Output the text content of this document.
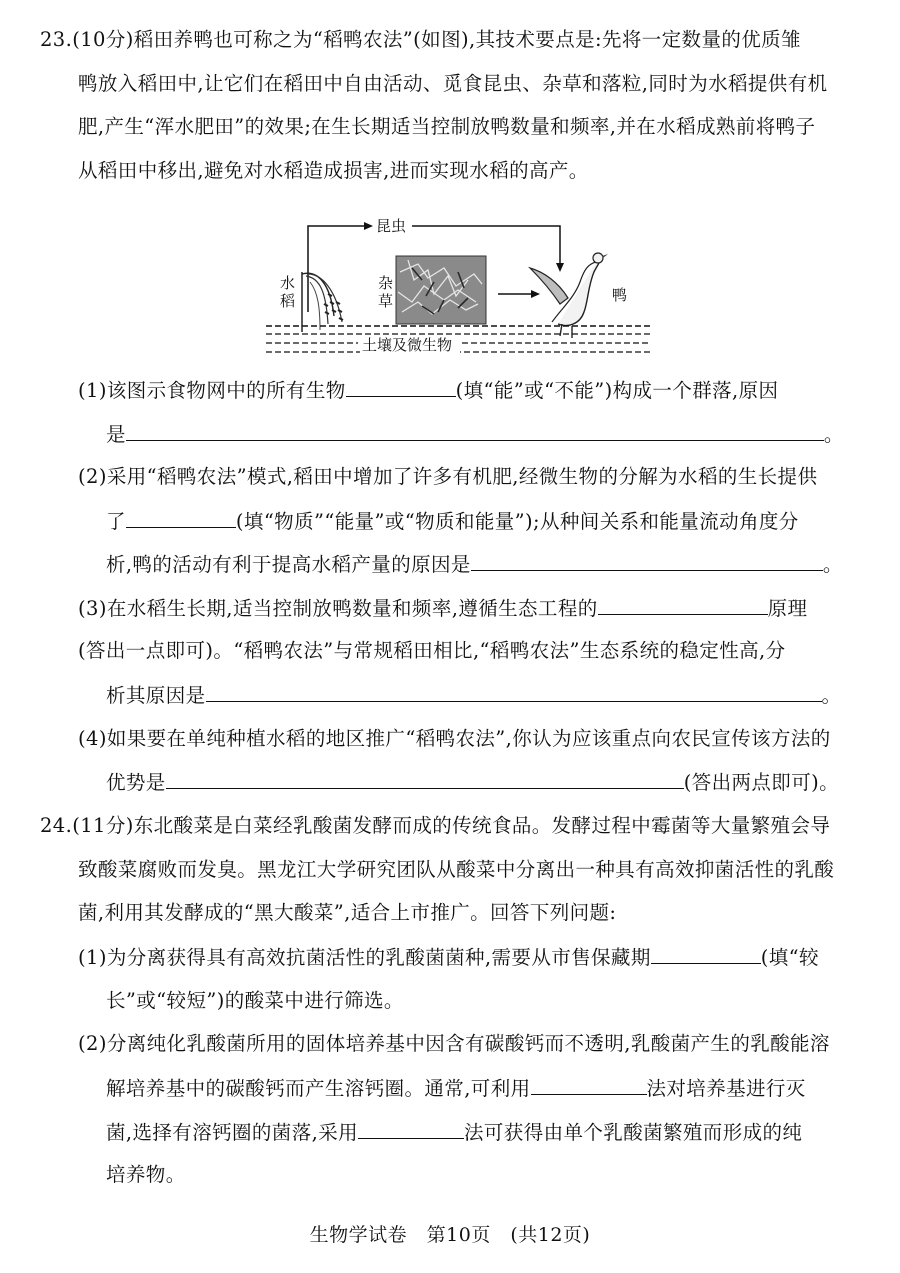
23.(10分)稻田养鸭也可称之为“稻鸭农法”(如图),其技术要点是:先将一定数量的优质雏
鸭放入稻田中,让它们在稻田中自由活动、觅食昆虫、杂草和落粒,同时为水稻提供有机
肥,产生“浑水肥田”的效果;在生长期适当控制放鸭数量和频率,并在水稻成熟前将鸭子
从稻田中移出,避免对水稻造成损害,进而实现水稻的高产。
昆虫
水
稻
杂
草	鸭
土壤及微生物
(1)该图示食物网中的所有生物	(填“能”或“不能”)构成一个群落,原因
是	。
(2)采用“稻鸭农法”模式,稻田中增加了许多有机肥,经微生物的分解为水稻的生长提供
了	(填“物质”“能量”或“物质和能量”);从种间关系和能量流动角度分
析,鸭的活动有利于提高水稻产量的原因是	。
(3)在水稻生长期,适当控制放鸭数量和频率,遵循生态工程的	原理
(答出一点即可)。“稻鸭农法”与常规稻田相比,“稻鸭农法”生态系统的稳定性高,分
析其原因是	。
(4)如果要在单纯种植水稻的地区推广“稻鸭农法”,你认为应该重点向农民宣传该方法的
优势是	(答出两点即可)。
24.(11分)东北酸菜是白菜经乳酸菌发酵而成的传统食品。发酵过程中霉菌等大量繁殖会导
致酸菜腐败而发臭。黑龙江大学研究团队从酸菜中分离出一种具有高效抑菌活性的乳酸
菌,利用其发酵成的“黑大酸菜”,适合上市推广。回答下列问题:
(1)为分离获得具有高效抗菌活性的乳酸菌菌种,需要从市售保藏期	(填“较
长”或“较短”)的酸菜中进行筛选。
(2)分离纯化乳酸菌所用的固体培养基中因含有碳酸钙而不透明,乳酸菌产生的乳酸能溶
解培养基中的碳酸钙而产生溶钙圈。通常,可利用	法对培养基进行灭
菌,选择有溶钙圈的菌落,采用	法可获得由单个乳酸菌繁殖而形成的纯
培养物。
生物学试卷　第10页　(共12页)
